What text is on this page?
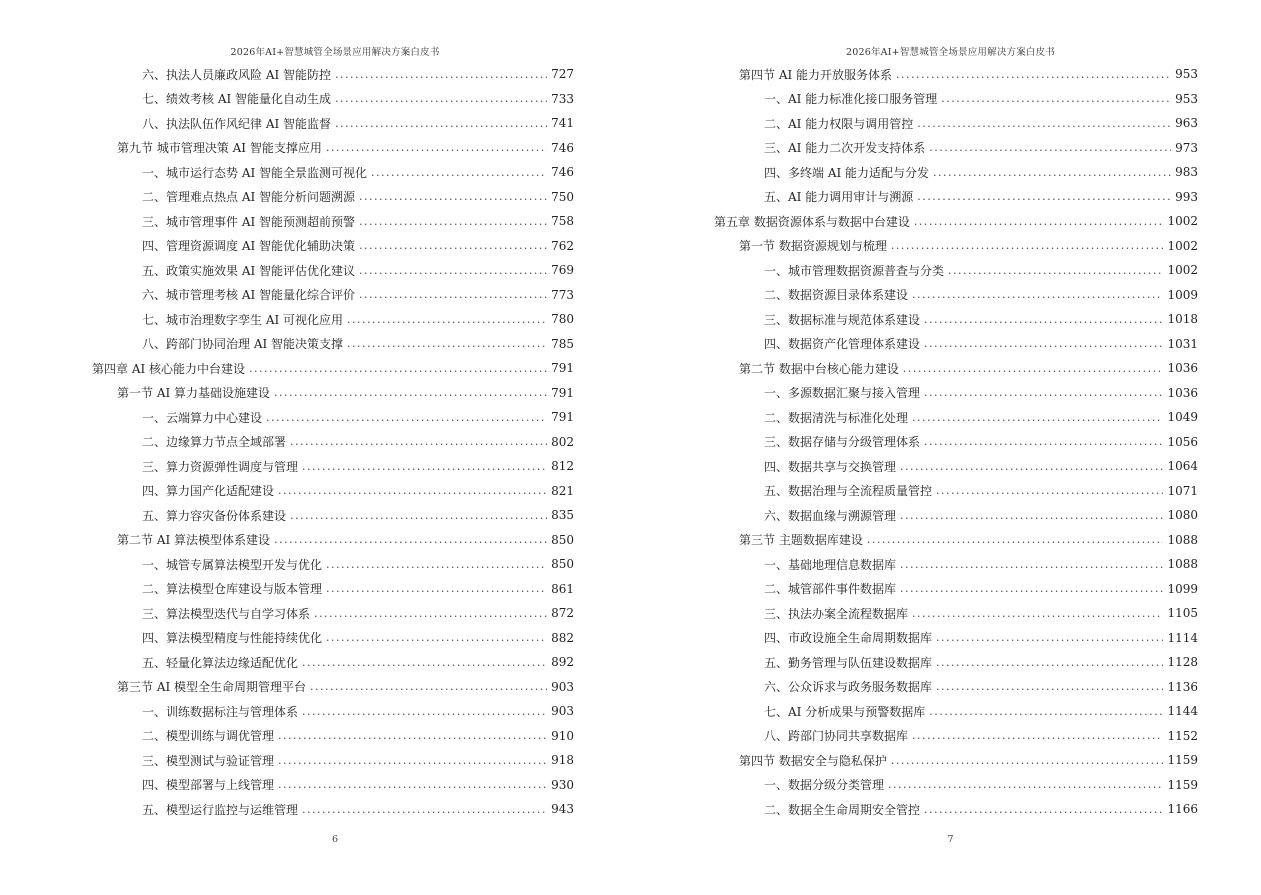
2026年AI+智慧城管全场景应用解决方案白皮书
六、执法人员廉政风险 AI 智能防控 .....	727
七、绩效考核 AI 智能量化自动生成 .....	733
八、执法队伍作风纪律 AI 智能监督 .....	741
第九节 城市管理决策 AI 智能支撑应用 .....	746
一、城市运行态势 AI 智能全景监测可视化 .....	746
二、管理难点热点 AI 智能分析问题溯源 .....	750
三、城市管理事件 AI 智能预测超前预警 .....	758
四、管理资源调度 AI 智能优化辅助决策 .....	762
五、政策实施效果 AI 智能评估优化建议 .....	769
六、城市管理考核 AI 智能量化综合评价 .....	773
七、城市治理数字孪生 AI 可视化应用 .....	780
八、跨部门协同治理 AI 智能决策支撑 .....	785
第四章 AI 核心能力中台建设 .....	791
第一节 AI 算力基础设施建设 .....	791
一、云端算力中心建设 .....	791
二、边缘算力节点全域部署 .....	802
三、算力资源弹性调度与管理 .....	812
四、算力国产化适配建设 .....	821
五、算力容灾备份体系建设 .....	835
第二节 AI 算法模型体系建设 .....	850
一、城管专属算法模型开发与优化 .....	850
二、算法模型仓库建设与版本管理 .....	861
三、算法模型迭代与自学习体系 .....	872
四、算法模型精度与性能持续优化 .....	882
五、轻量化算法边缘适配优化 .....	892
第三节 AI 模型全生命周期管理平台 .....	903
一、训练数据标注与管理体系 .....	903
二、模型训练与调优管理 .....	910
三、模型测试与验证管理 .....	918
四、模型部署与上线管理 .....	930
五、模型运行监控与运维管理 .....	943
6
2026年AI+智慧城管全场景应用解决方案白皮书
第四节 AI 能力开放服务体系 .....	953
一、AI 能力标准化接口服务管理 .....	953
二、AI 能力权限与调用管控 .....	963
三、AI 能力二次开发支持体系 .....	973
四、多终端 AI 能力适配与分发 .....	983
五、AI 能力调用审计与溯源 .....	993
第五章 数据资源体系与数据中台建设 .....	1002
第一节 数据资源规划与梳理 .....	1002
一、城市管理数据资源普查与分类 .....	1002
二、数据资源目录体系建设 .....	1009
三、数据标准与规范体系建设 .....	1018
四、数据资产化管理体系建设 .....	1031
第二节 数据中台核心能力建设 .....	1036
一、多源数据汇聚与接入管理 .....	1036
二、数据清洗与标准化处理 .....	1049
三、数据存储与分级管理体系 .....	1056
四、数据共享与交换管理 .....	1064
五、数据治理与全流程质量管控 .....	1071
六、数据血缘与溯源管理 .....	1080
第三节 主题数据库建设 .....	1088
一、基础地理信息数据库 .....	1088
二、城管部件事件数据库 .....	1099
三、执法办案全流程数据库 .....	1105
四、市政设施全生命周期数据库 .....	1114
五、勤务管理与队伍建设数据库 .....	1128
六、公众诉求与政务服务数据库 .....	1136
七、AI 分析成果与预警数据库 .....	1144
八、跨部门协同共享数据库 .....	1152
第四节 数据安全与隐私保护 .....	1159
一、数据分级分类管理 .....	1159
二、数据全生命周期安全管控 .....	1166
7
